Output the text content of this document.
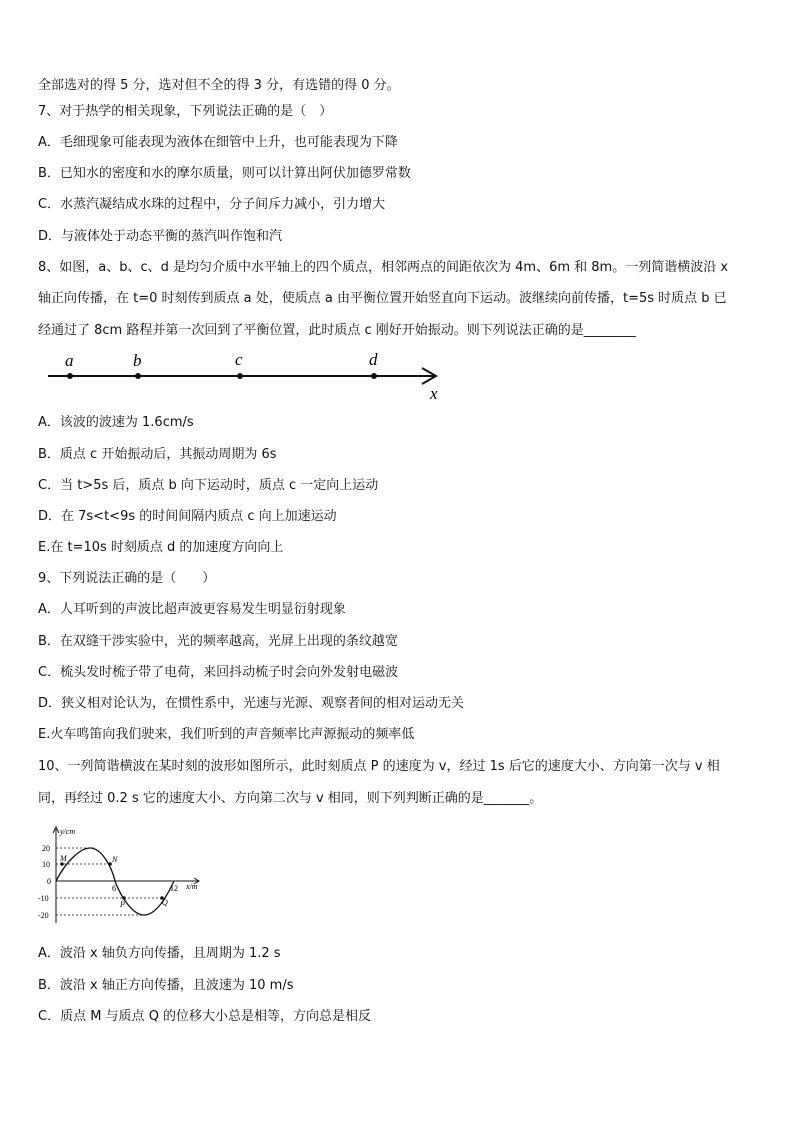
全部选对的得 5 分，选对但不全的得 3 分，有选错的得 0 分。
7、对于热学的相关现象，下列说法正确的是（　）
A．毛细现象可能表现为液体在细管中上升，也可能表现为下降
B．已知水的密度和水的摩尔质量，则可以计算出阿伏加德罗常数
C．水蒸汽凝结成水珠的过程中，分子间斥力减小，引力增大
D．与液体处于动态平衡的蒸汽叫作饱和汽
8、如图，a、b、c、d 是均匀介质中水平轴上的四个质点，相邻两点的间距依次为 4m、6m 和 8m。一列简谐横波沿 x
轴正向传播，在 t=0 时刻传到质点 a 处，使质点 a 由平衡位置开始竖直向下运动。波继续向前传播，t=5s 时质点 b 已
经通过了 8cm 路程并第一次回到了平衡位置，此时质点 c 刚好开始振动。则下列说法正确的是________
a	b	c	d
x
A．该波的波速为 1.6cm/s
B．质点 c 开始振动后，其振动周期为 6s
C．当 t>5s 后，质点 b 向下运动时，质点 c 一定向上运动
D．在 7s<t<9s 的时间间隔内质点 c 向上加速运动
E.在 t=10s 时刻质点 d 的加速度方向向上
9、下列说法正确的是（　　）
A．人耳听到的声波比超声波更容易发生明显衍射现象
B．在双缝干涉实验中，光的频率越高，光屏上出现的条纹越宽
C．梳头发时梳子带了电荷，来回抖动梳子时会向外发射电磁波
D．狭义相对论认为，在惯性系中，光速与光源、观察者间的相对运动无关
E.火车鸣笛向我们驶来，我们听到的声音频率比声源振动的频率低
10、一列简谐横波在某时刻的波形如图所示，此时刻质点 P 的速度为 v，经过 1s 后它的速度大小、方向第一次与 v 相
同，再经过 0.2 s 它的速度大小、方向第二次与 v 相同，则下列判断正确的是_______。
y/cm
x/m
20
10
0
-10
-20
6	12
M	N
P	Q
A．波沿 x 轴负方向传播，且周期为 1.2 s
B．波沿 x 轴正方向传播，且波速为 10 m/s
C．质点 M 与质点 Q 的位移大小总是相等，方向总是相反
